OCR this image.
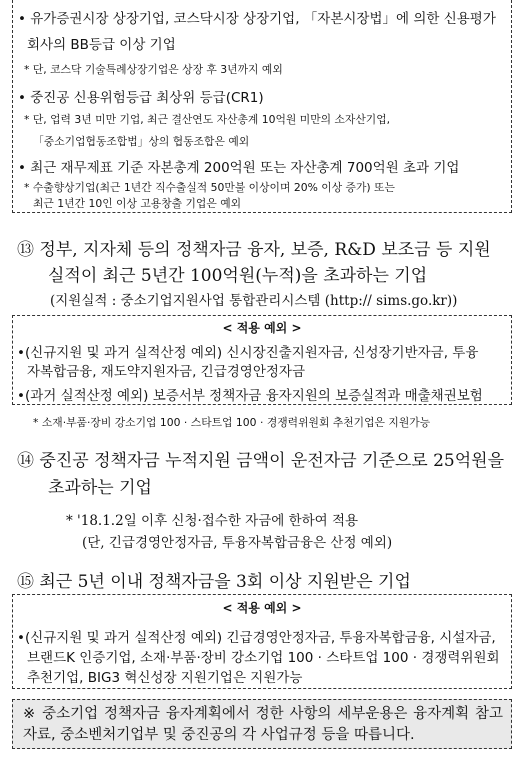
• 유가증권시장 상장기업, 코스닥시장 상장기업, 「자본시장법」에 의한 신용평가
회사의 BB등급 이상 기업
* 단, 코스닥 기술특례상장기업은 상장 후 3년까지 예외
• 중진공 신용위험등급 최상위 등급(CR1)
* 단, 업력 3년 미만 기업, 최근 결산연도 자산총계 10억원 미만의 소자산기업,
「중소기업협동조합법」상의 협동조합은 예외
• 최근 재무제표 기준 자본총계 200억원 또는 자산총계 700억원 초과 기업
* 수출향상기업(최근 1년간 직수출실적 50만불 이상이며 20% 이상 증가) 또는
최근 1년간 10인 이상 고용창출 기업은 예외
⑬ 정부, 지자체 등의 정책자금 융자, 보증, R&D 보조금 등 지원
실적이 최근 5년간 100억원(누적)을 초과하는 기업
(지원실적 : 중소기업지원사업 통합관리시스템 (http:// sims.go.kr))
< 적용 예외 >
•(신규지원 및 과거 실적산정 예외) 신시장진출지원자금, 신성장기반자금, 투융
자복합금융, 재도약지원자금, 긴급경영안정자금
•(과거 실적산정 예외) 보증서부 정책자금 융자지원의 보증실적과 매출채권보험
* 소재·부품·장비 강소기업 100 · 스타트업 100 · 경쟁력위원회 추천기업은 지원가능
⑭ 중진공 정책자금 누적지원 금액이 운전자금 기준으로 25억원을
초과하는 기업
* '18.1.2일 이후 신청·접수한 자금에 한하여 적용
(단, 긴급경영안정자금, 투융자복합금융은 산정 예외)
⑮ 최근 5년 이내 정책자금을 3회 이상 지원받은 기업
< 적용 예외 >
•(신규지원 및 과거 실적산정 예외) 긴급경영안정자금, 투융자복합금융, 시설자금,
브랜드K 인증기업, 소재·부품·장비 강소기업 100 · 스타트업 100 · 경쟁력위원회
추천기업, BIG3 혁신성장 지원기업은 지원가능
※ 중소기업 정책자금 융자계획에서 정한 사항의 세부운용은 융자계획 참고자료, 중소벤처기업부 및 중진공의 각 사업규정 등을 따릅니다.
